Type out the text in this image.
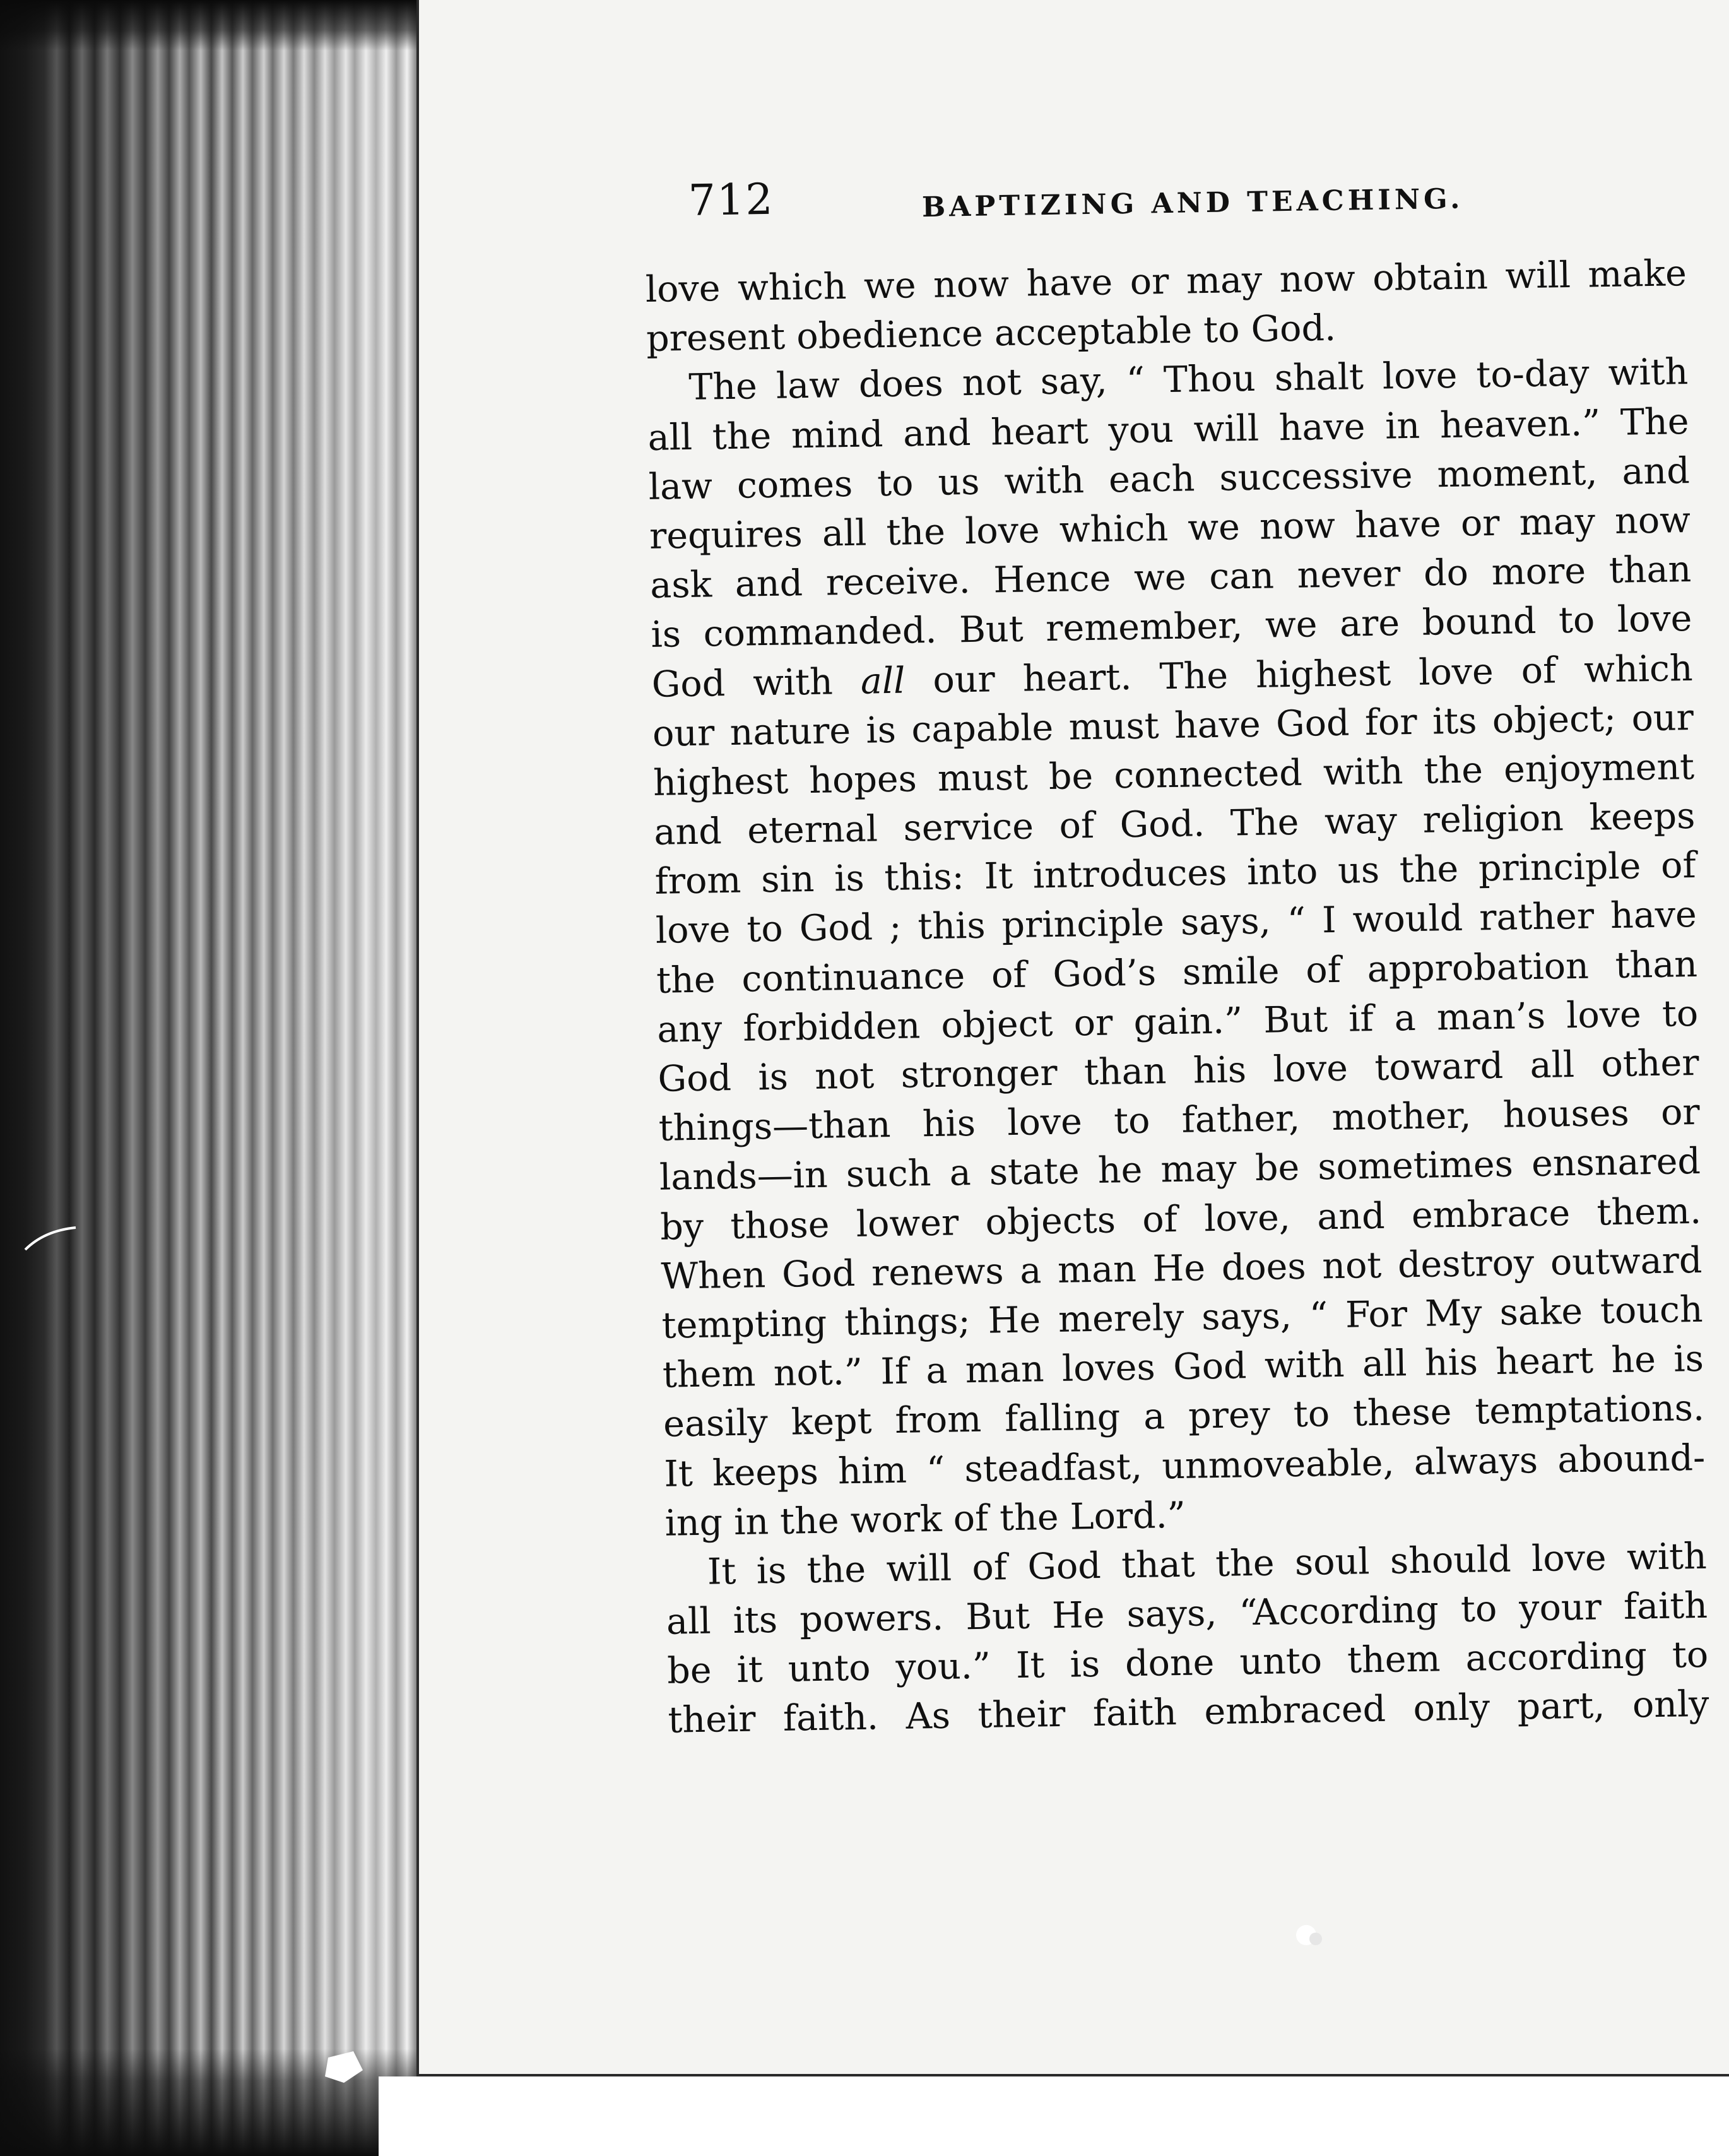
712	BAPTIZING AND TEACHING.
love which we now have or may now obtain will make
present obedience acceptable to God.
The law does not say, “ Thou shalt love to-day with
all the mind and heart you will have in heaven.” The
law comes to us with each successive moment, and
requires all the love which we now have or may now
ask and receive. Hence we can never do more than
is commanded. But remember, we are bound to love
God with all our heart. The highest love of which
our nature is capable must have God for its object; our
highest hopes must be connected with the enjoyment
and eternal service of God. The way religion keeps
from sin is this: It introduces into us the principle of
love to God ; this principle says, “ I would rather have
the continuance of God’s smile of approbation than
any forbidden object or gain.” But if a man’s love to
God is not stronger than his love toward all other
things—than his love to father, mother, houses or
lands—in such a state he may be sometimes ensnared
by those lower objects of love, and embrace them.
When God renews a man He does not destroy outward
tempting things; He merely says, “ For My sake touch
them not.” If a man loves God with all his heart he is
easily kept from falling a prey to these temptations.
It keeps him “ steadfast, unmoveable, always abound-
ing in the work of the Lord.”
It is the will of God that the soul should love with
all its powers. But He says, “According to your faith
be it unto you.” It is done unto them according to
their faith. As their faith embraced only part, only
